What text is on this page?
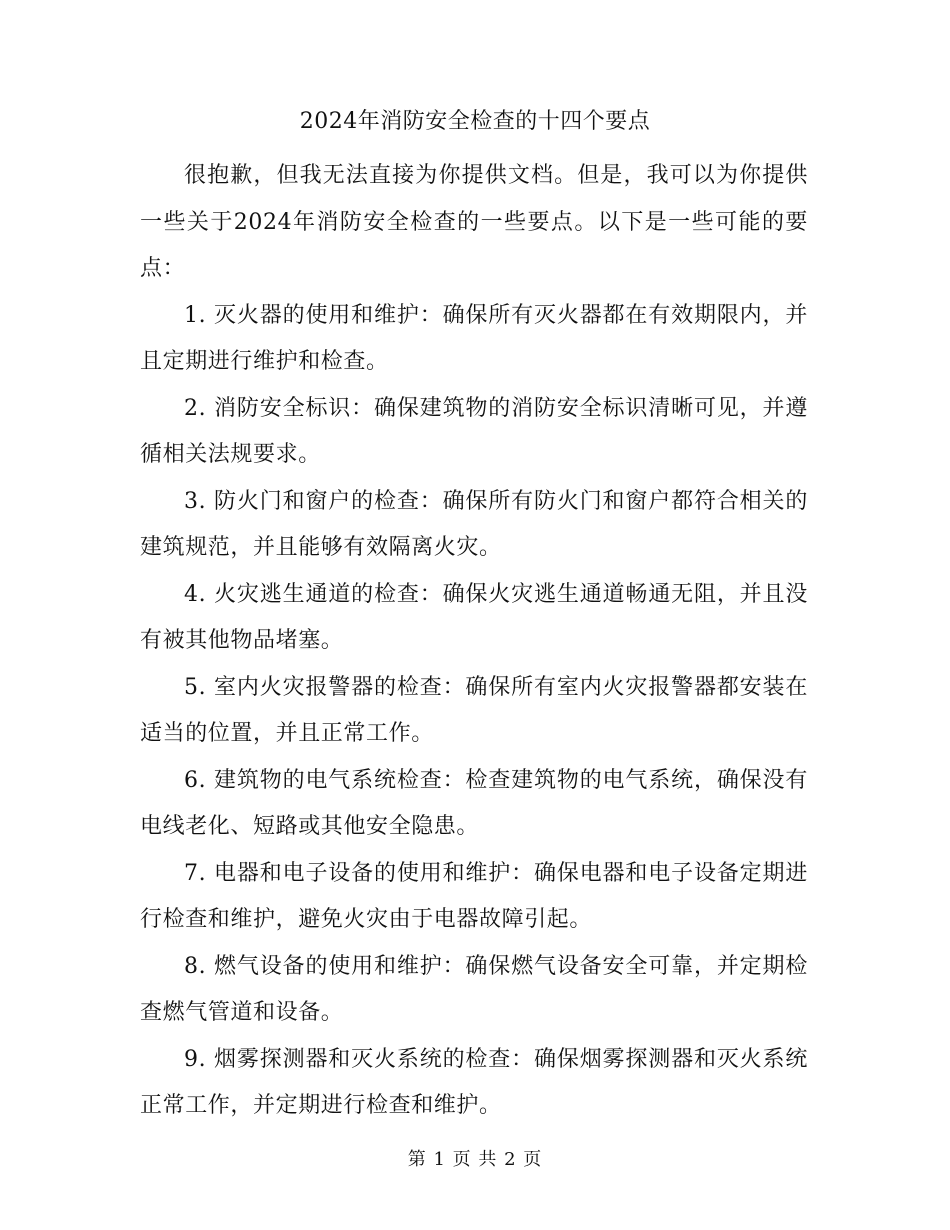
2024年消防安全检查的十四个要点

很抱歉，但我无法直接为你提供文档。但是，我可以为你提供一些关于2024年消防安全检查的一些要点。以下是一些可能的要点：

1. 灭火器的使用和维护：确保所有灭火器都在有效期限内，并且定期进行维护和检查。

2. 消防安全标识：确保建筑物的消防安全标识清晰可见，并遵循相关法规要求。

3. 防火门和窗户的检查：确保所有防火门和窗户都符合相关的建筑规范，并且能够有效隔离火灾。

4. 火灾逃生通道的检查：确保火灾逃生通道畅通无阻，并且没有被其他物品堵塞。

5. 室内火灾报警器的检查：确保所有室内火灾报警器都安装在适当的位置，并且正常工作。

6. 建筑物的电气系统检查：检查建筑物的电气系统，确保没有电线老化、短路或其他安全隐患。

7. 电器和电子设备的使用和维护：确保电器和电子设备定期进行检查和维护，避免火灾由于电器故障引起。

8. 燃气设备的使用和维护：确保燃气设备安全可靠，并定期检查燃气管道和设备。

9. 烟雾探测器和灭火系统的检查：确保烟雾探测器和灭火系统正常工作，并定期进行检查和维护。

第 1 页 共 2 页
